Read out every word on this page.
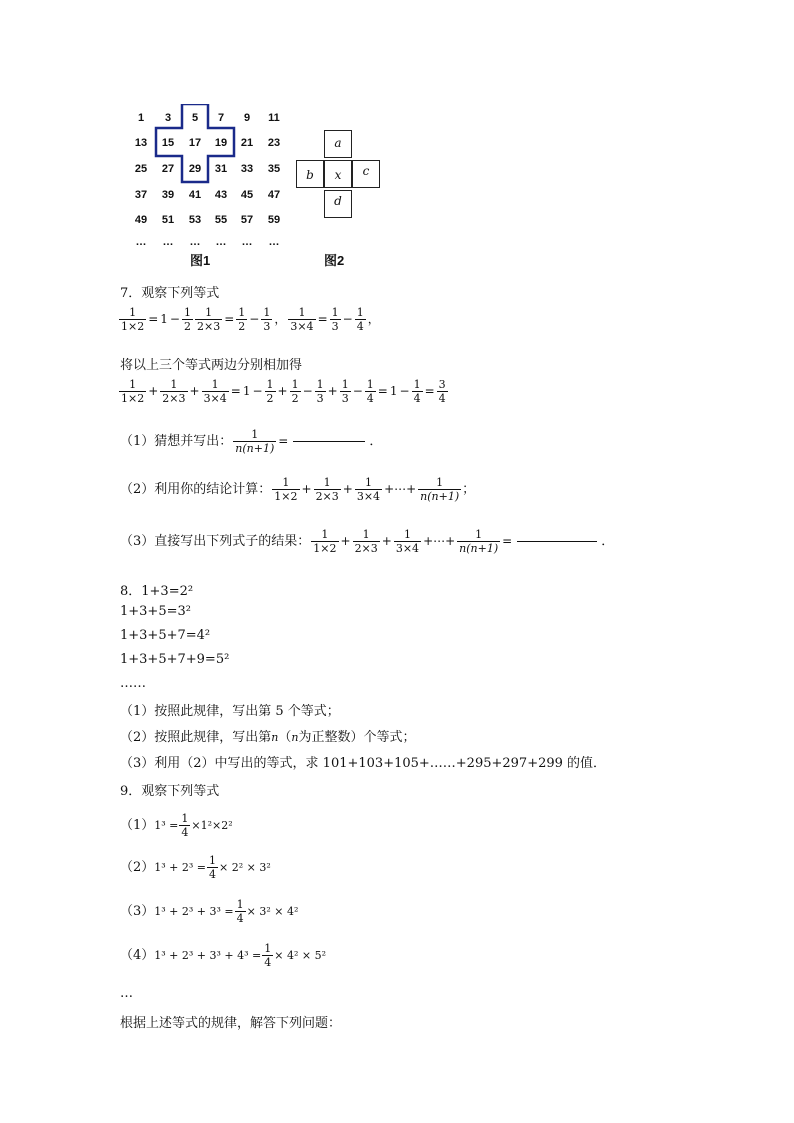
1	3	5	7	9	11
13	15	17	19	21	23
25	27	29	31	33	35
37	39	41	43	45	47
49	51	53	55	57	59
…	…	…	…	…	…
图1
a
b	x	c
d
图2
7．观察下列等式
$\frac{1}{1\times 2} = 1 - \frac{1}{2} \frac{1}{2\times 3} = \frac{1}{2} - \frac{1}{3}$ ， $\frac{1}{3\times 4} = \frac{1}{3} - \frac{1}{4}$ ，
将以上三个等式两边分别相加得
$\frac{1}{1\times 2} + \frac{1}{2\times 3} + \frac{1}{3\times 4} = 1 - \frac{1}{2} + \frac{1}{2} - \frac{1}{3} + \frac{1}{3} - \frac{1}{4} = 1 - \frac{1}{4} = \frac{3}{4}$
（1）猜想并写出： $\frac{1}{n(n+1)}$ =	．
（2）利用你的结论计算： $\frac{1}{1\times 2} + \frac{1}{2\times 3} + \frac{1}{3\times 4}$ +⋯+ $\frac{1}{n(n+1)}$ ；
（3）直接写出下列式子的结果： $\frac{1}{1\times 2} + \frac{1}{2\times 3} + \frac{1}{3\times 4}$ +⋯+ $\frac{1}{n(n+1)}$ =	．
8．1+3=2²
1+3+5=3²
1+3+5+7=4²
1+3+5+7+9=5²
……
（1）按照此规律，写出第 5 个等式；
（2）按照此规律，写出第n（n为正整数）个等式；
（3）利用（2）中写出的等式，求 101+103+105+……+295+297+299 的值．
9．观察下列等式
$(1)1^3 = \frac{1}{4} \times 1^2\times 2^2$
$(2)1^3 + 2^3 = \frac{1}{4} \times 2^2 \times 3^2$
$(3)1^3 + 2^3 + 3^3 = \frac{1}{4} \times 3^2 \times 4^2$
$(4)1^3 + 2^3 + 3^3 + 4^3 = \frac{1}{4} \times 4^2 \times 5^2$
…
根据上述等式的规律，解答下列问题：
